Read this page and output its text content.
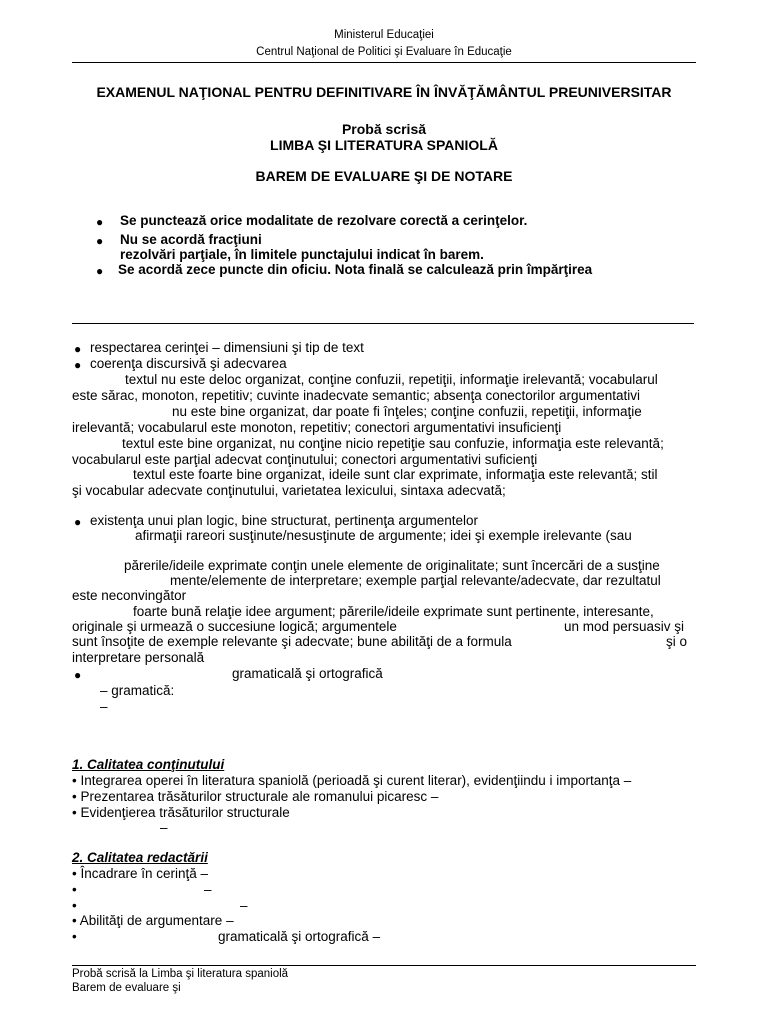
Ministerul Educaţiei
Centrul Naţional de Politici şi Evaluare în Educaţie
EXAMENUL NAŢIONAL PENTRU DEFINITIVARE ÎN ÎNVĂŢĂMÂNTUL PREUNIVERSITAR
Probă scrisă
LIMBA ŞI LITERATURA SPANIOLĂ
BAREM DE EVALUARE ŞI DE NOTARE
● Se punctează orice modalitate de rezolvare corectă a cerinţelor.
● Nu se acordă fracţiuni
rezolvări parţiale, în limitele punctajului indicat în barem.
● Se acordă zece puncte din oficiu. Nota finală se calculează prin împărţirea
● respectarea cerinţei – dimensiuni şi tip de text
● coerenţa discursivă şi adecvarea
textul nu este deloc organizat, conţine confuzii, repetiţii, informaţie irelevantă; vocabularul
este sărac, monoton, repetitiv; cuvinte inadecvate semantic; absenţa conectorilor argumentativi
nu este bine organizat, dar poate fi înţeles; conţine confuzii, repetiţii, informaţie
irelevantă; vocabularul este monoton, repetitiv; conectori argumentativi insuficienţi
textul este bine organizat, nu conţine nicio repetiţie sau confuzie, informaţia este relevantă;
vocabularul este parţial adecvat conţinutului; conectori argumentativi suficienţi
textul este foarte bine organizat, ideile sunt clar exprimate, informaţia este relevantă; stil
şi vocabular adecvate conţinutului, varietatea lexicului, sintaxa adecvată;
● existenţa unui plan logic, bine structurat, pertinenţa argumentelor
afirmaţii rareori susţinute/nesusţinute de argumente; idei şi exemple irelevante (sau
părerile/ideile exprimate conţin unele elemente de originalitate; sunt încercări de a susţine
mente/elemente de interpretare; exemple parţial relevante/adecvate, dar rezultatul
este neconvingător
foarte bună relaţie idee argument; părerile/ideile exprimate sunt pertinente, interesante,
originale şi urmează o succesiune logică; argumentele	un mod persuasiv şi
sunt însoţite de exemple relevante şi adecvate; bune abilităţi de a formula	şi o
interpretare personală
●	gramaticală şi ortografică
– gramatică:
–
1. Calitatea conţinutului
• Integrarea operei în literatura spaniolă (perioadă şi curent literar), evidenţiindu i importanţa –
• Prezentarea trăsăturilor structurale ale romanului picaresc –
• Evidenţierea trăsăturilor structurale
–
2. Calitatea redactării
• Încadrare în cerinţă –
•	–
•	–
• Abilităţi de argumentare –
•	gramaticală şi ortografică –
Probă scrisă la Limba şi literatura spaniolă
Barem de evaluare şi
